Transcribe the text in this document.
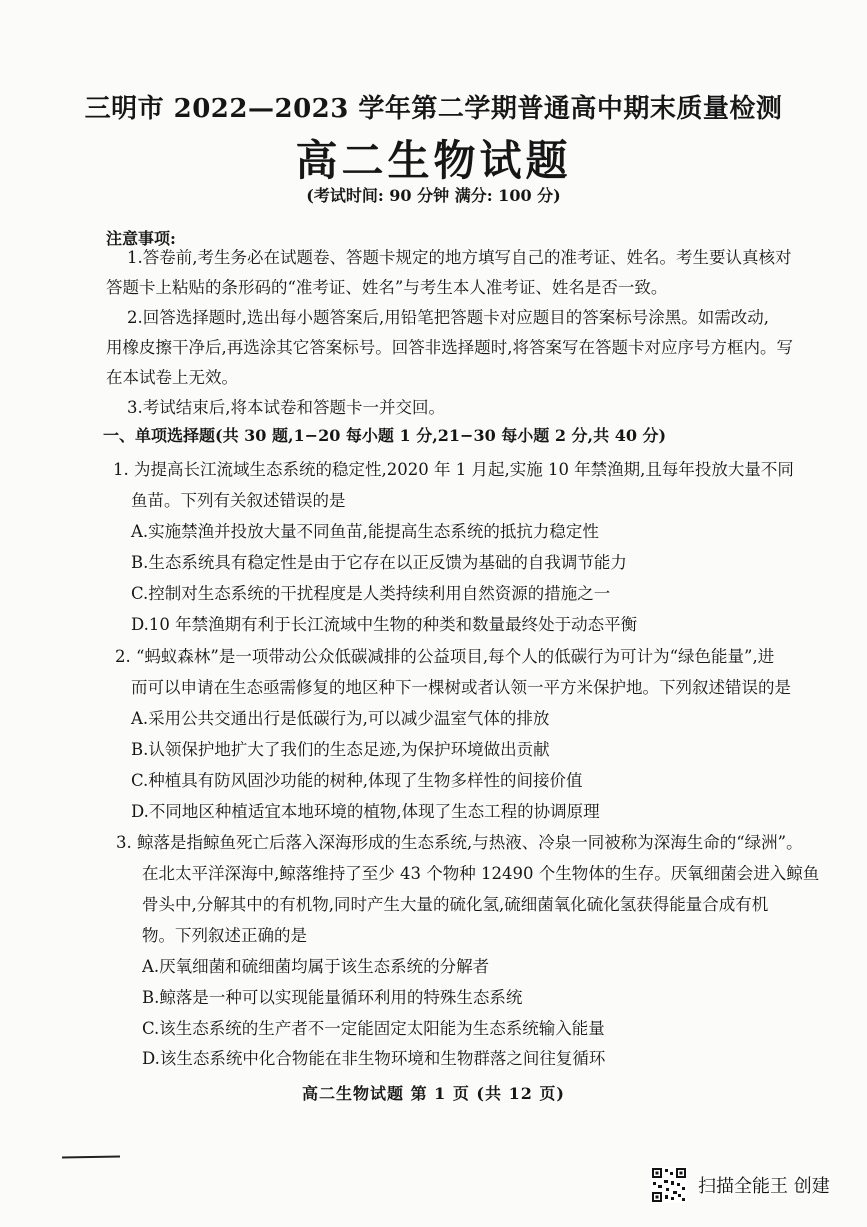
三明市 2022—2023 学年第二学期普通高中期末质量检测
高二生物试题
(考试时间: 90 分钟 满分: 100 分)
注意事项:
1.答卷前,考生务必在试题卷、答题卡规定的地方填写自己的准考证、姓名。考生要认真核对
答题卡上粘贴的条形码的“准考证、姓名”与考生本人准考证、姓名是否一致。
2.回答选择题时,选出每小题答案后,用铅笔把答题卡对应题目的答案标号涂黑。如需改动,
用橡皮擦干净后,再选涂其它答案标号。回答非选择题时,将答案写在答题卡对应序号方框内。写
在本试卷上无效。
3.考试结束后,将本试卷和答题卡一并交回。
一、单项选择题(共 30 题,1−20 每小题 1 分,21−30 每小题 2 分,共 40 分)
1. 为提高长江流域生态系统的稳定性,2020 年 1 月起,实施 10 年禁渔期,且每年投放大量不同
鱼苗。下列有关叙述错误的是
A.实施禁渔并投放大量不同鱼苗,能提高生态系统的抵抗力稳定性
B.生态系统具有稳定性是由于它存在以正反馈为基础的自我调节能力
C.控制对生态系统的干扰程度是人类持续利用自然资源的措施之一
D.10 年禁渔期有利于长江流域中生物的种类和数量最终处于动态平衡
2. “蚂蚁森林”是一项带动公众低碳减排的公益项目,每个人的低碳行为可计为“绿色能量”,进
而可以申请在生态亟需修复的地区种下一棵树或者认领一平方米保护地。下列叙述错误的是
A.采用公共交通出行是低碳行为,可以减少温室气体的排放
B.认领保护地扩大了我们的生态足迹,为保护环境做出贡献
C.种植具有防风固沙功能的树种,体现了生物多样性的间接价值
D.不同地区种植适宜本地环境的植物,体现了生态工程的协调原理
3. 鲸落是指鲸鱼死亡后落入深海形成的生态系统,与热液、冷泉一同被称为深海生命的“绿洲”。
在北太平洋深海中,鲸落维持了至少 43 个物种 12490 个生物体的生存。厌氧细菌会进入鲸鱼
骨头中,分解其中的有机物,同时产生大量的硫化氢,硫细菌氧化硫化氢获得能量合成有机
物。下列叙述正确的是
A.厌氧细菌和硫细菌均属于该生态系统的分解者
B.鲸落是一种可以实现能量循环利用的特殊生态系统
C.该生态系统的生产者不一定能固定太阳能为生态系统输入能量
D.该生态系统中化合物能在非生物环境和生物群落之间往复循环
高二生物试题 第 1 页 (共 12 页)
扫描全能王 创建
